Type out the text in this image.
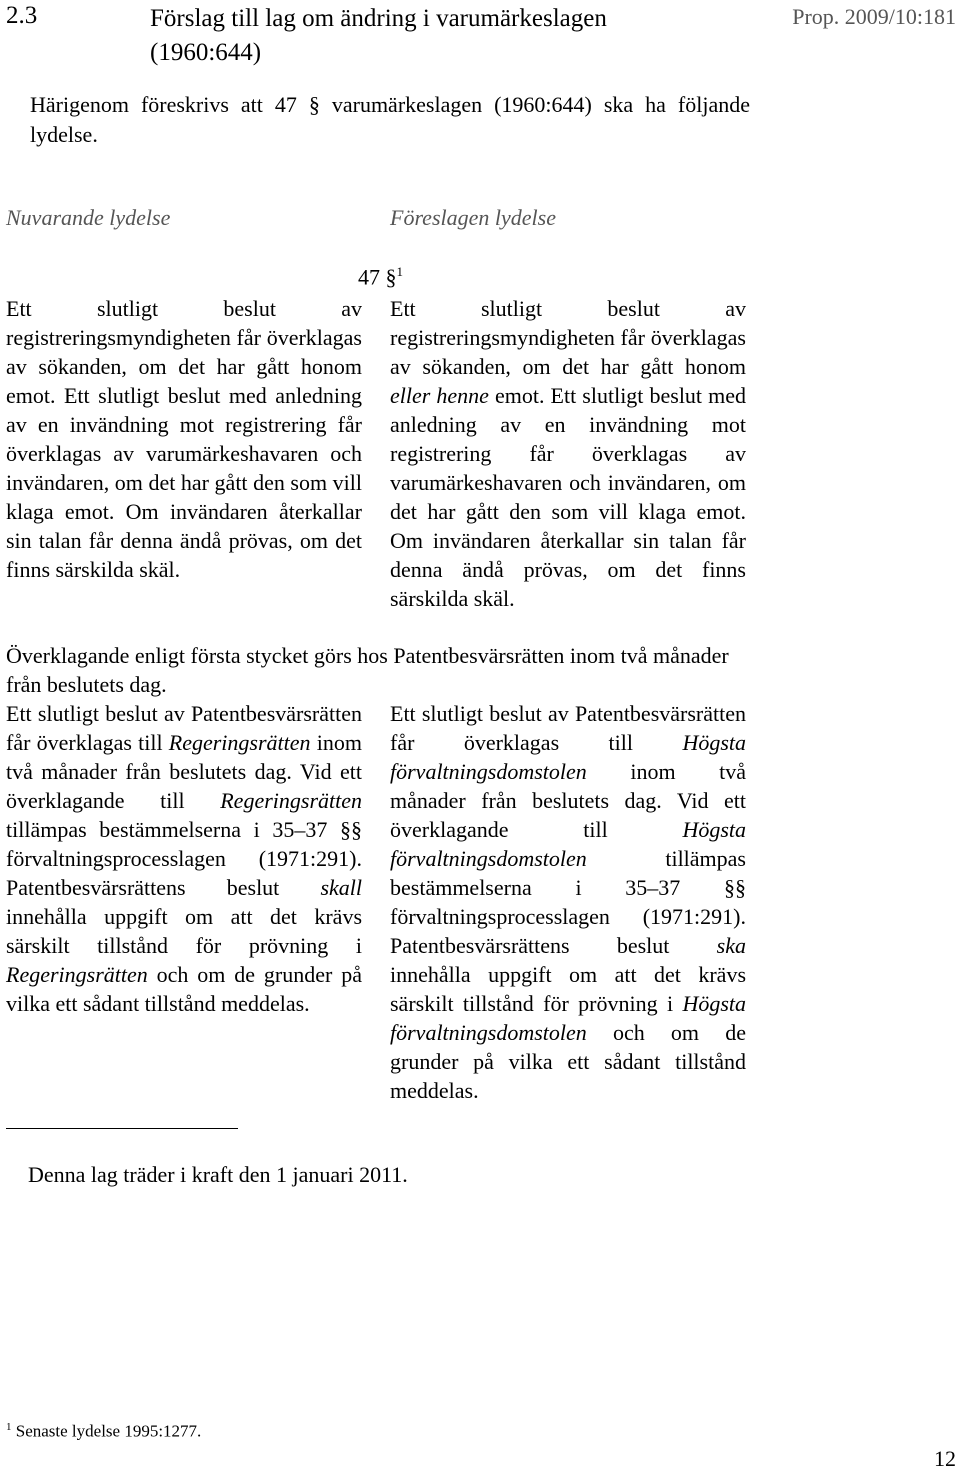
2.3	Förslag till lag om ändring i varumärkeslagen (1960:644)
Prop. 2009/10:181
Härigenom föreskrivs att 47 § varumärkeslagen (1960:644) ska ha följande lydelse.
Nuvarande lydelse	Föreslagen lydelse
47 §$^1$
Ett slutligt beslut av registreringsmyndigheten får överklagas av sökanden, om det har gått honom emot. Ett slutligt beslut med anledning av en invändning mot registrering får överklagas av varumärkeshavaren och invändaren, om det har gått den som vill klaga emot. Om invändaren återkallar sin talan får denna ändå prövas, om det finns särskilda skäl.
Ett slutligt beslut av registreringsmyndigheten får överklagas av sökanden, om det har gått honom eller henne emot. Ett slutligt beslut med anledning av en invändning mot registrering får överklagas av varumärkeshavaren och invändaren, om det har gått den som vill klaga emot. Om invändaren återkallar sin talan får denna ändå prövas, om det finns särskilda skäl.
Överklagande enligt första stycket görs hos Patentbesvärsrätten inom två månader från beslutets dag.
Ett slutligt beslut av Patentbesvärsrätten får överklagas till Regeringsrätten inom två månader från beslutets dag. Vid ett överklagande till Regeringsrätten tillämpas bestämmelserna i 35–37 §§ förvaltningsprocesslagen (1971:291). Patentbesvärsrättens beslut skall innehålla uppgift om att det krävs särskilt tillstånd för prövning i Regeringsrätten och om de grunder på vilka ett sådant tillstånd meddelas.
Ett slutligt beslut av Patentbesvärsrätten får överklagas till Högsta förvaltningsdomstolen inom två månader från beslutets dag. Vid ett överklagande till Högsta förvaltningsdomstolen tillämpas bestämmelserna i 35–37 §§ förvaltningsprocesslagen (1971:291). Patentbesvärsrättens beslut ska innehålla uppgift om att det krävs särskilt tillstånd för prövning i Högsta förvaltningsdomstolen och om de grunder på vilka ett sådant tillstånd meddelas.
Denna lag träder i kraft den 1 januari 2011.
$^1$ Senaste lydelse 1995:1277.
12
